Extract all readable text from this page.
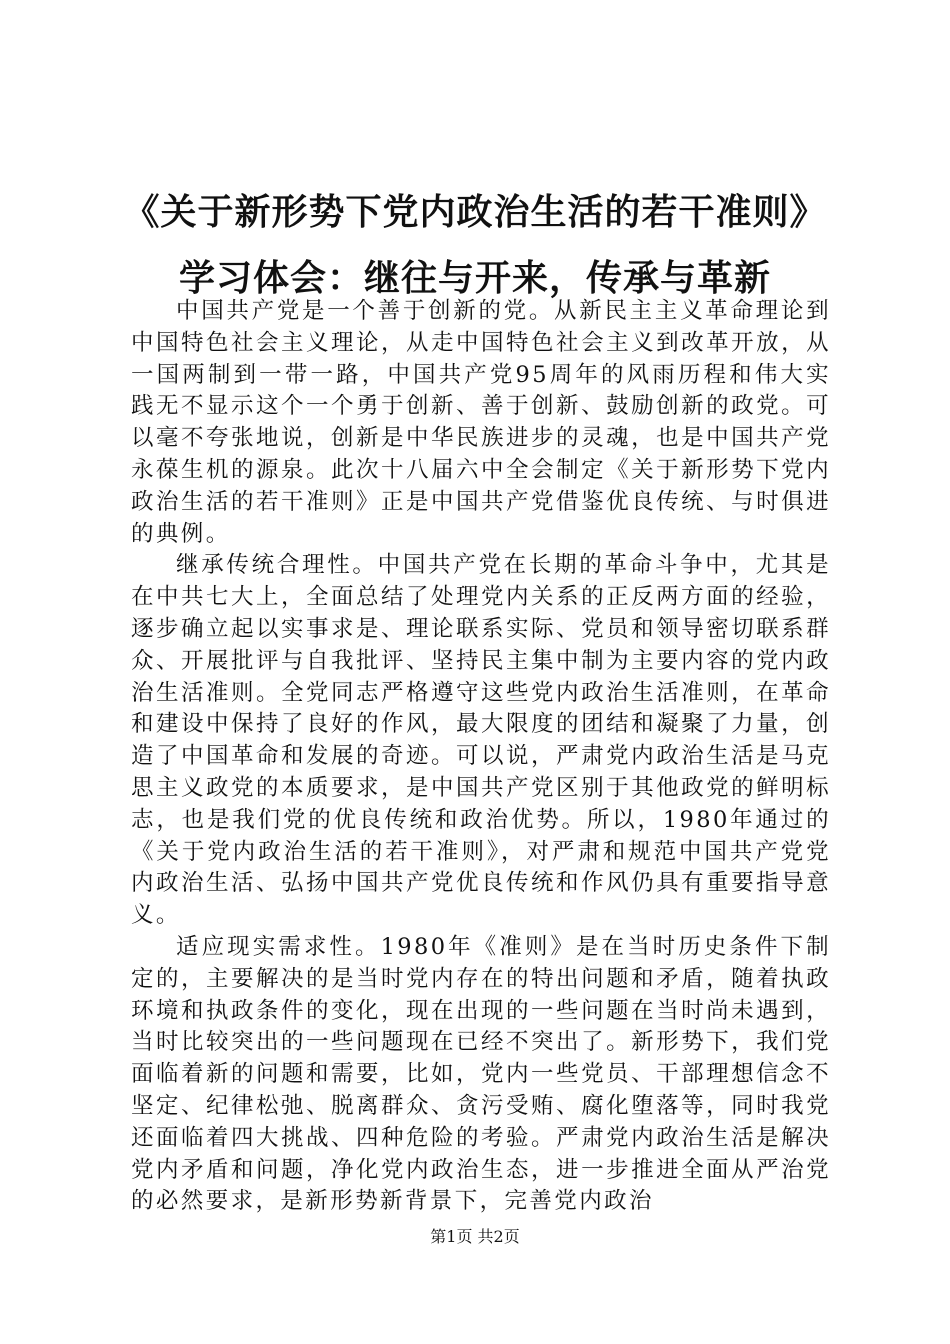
《关于新形势下党内政治生活的若干准则》学习体会：继往与开来，传承与革新

中国共产党是一个善于创新的党。从新民主主义革命理论到中国特色社会主义理论，从走中国特色社会主义到改革开放，从一国两制到一带一路，中国共产党95周年的风雨历程和伟大实践无不显示这个一个勇于创新、善于创新、鼓励创新的政党。可以毫不夸张地说，创新是中华民族进步的灵魂，也是中国共产党永葆生机的源泉。此次十八届六中全会制定《关于新形势下党内政治生活的若干准则》正是中国共产党借鉴优良传统、与时俱进的典例。

继承传统合理性。中国共产党在长期的革命斗争中，尤其是在中共七大上，全面总结了处理党内关系的正反两方面的经验，逐步确立起以实事求是、理论联系实际、党员和领导密切联系群众、开展批评与自我批评、坚持民主集中制为主要内容的党内政治生活准则。全党同志严格遵守这些党内政治生活准则，在革命和建设中保持了良好的作风，最大限度的团结和凝聚了力量，创造了中国革命和发展的奇迹。可以说，严肃党内政治生活是马克思主义政党的本质要求，是中国共产党区别于其他政党的鲜明标志，也是我们党的优良传统和政治优势。所以，1980年通过的《关于党内政治生活的若干准则》，对严肃和规范中国共产党党内政治生活、弘扬中国共产党优良传统和作风仍具有重要指导意义。

适应现实需求性。1980年《准则》是在当时历史条件下制定的，主要解决的是当时党内存在的特出问题和矛盾，随着执政环境和执政条件的变化，现在出现的一些问题在当时尚未遇到，当时比较突出的一些问题现在已经不突出了。新形势下，我们党面临着新的问题和需要，比如，党内一些党员、干部理想信念不坚定、纪律松弛、脱离群众、贪污受贿、腐化堕落等，同时我党还面临着四大挑战、四种危险的考验。严肃党内政治生活是解决党内矛盾和问题，净化党内政治生态，进一步推进全面从严治党的必然要求，是新形势新背景下，完善党内政治

第1页 共2页
